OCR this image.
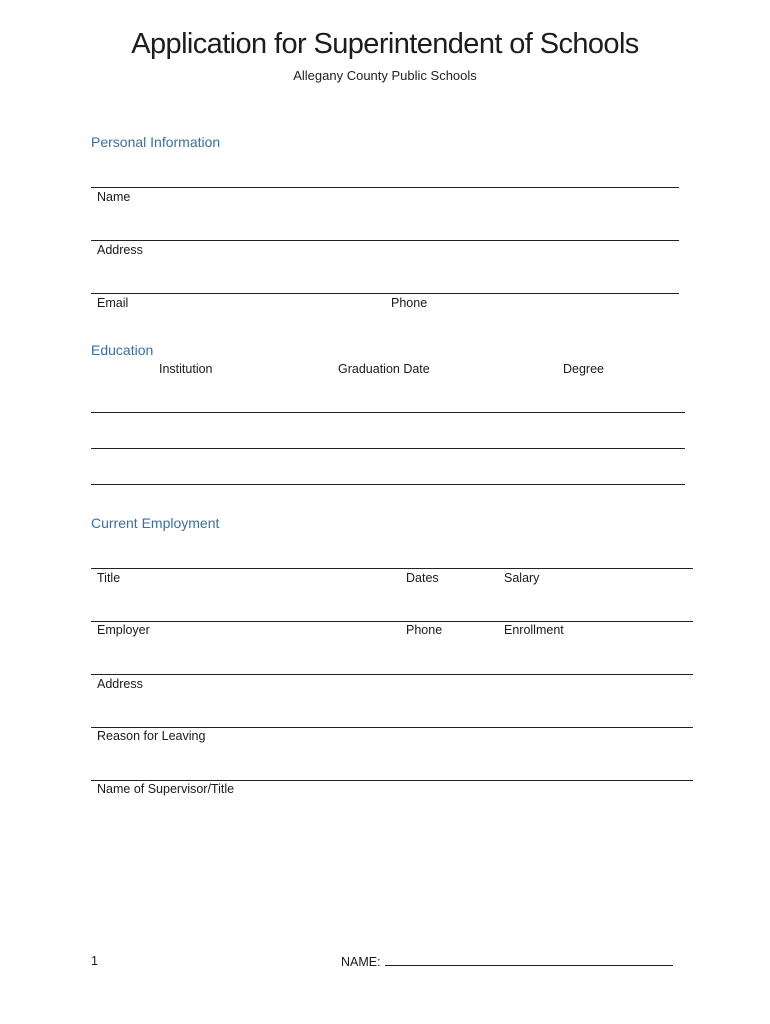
Application for Superintendent of Schools
Allegany County Public Schools
Personal Information
Name
Address
Email	Phone
Education
Institution	Graduation Date	Degree
Current Employment
Title	Dates	Salary
Employer	Phone	Enrollment
Address
Reason for Leaving
Name of Supervisor/Title
1	NAME:
